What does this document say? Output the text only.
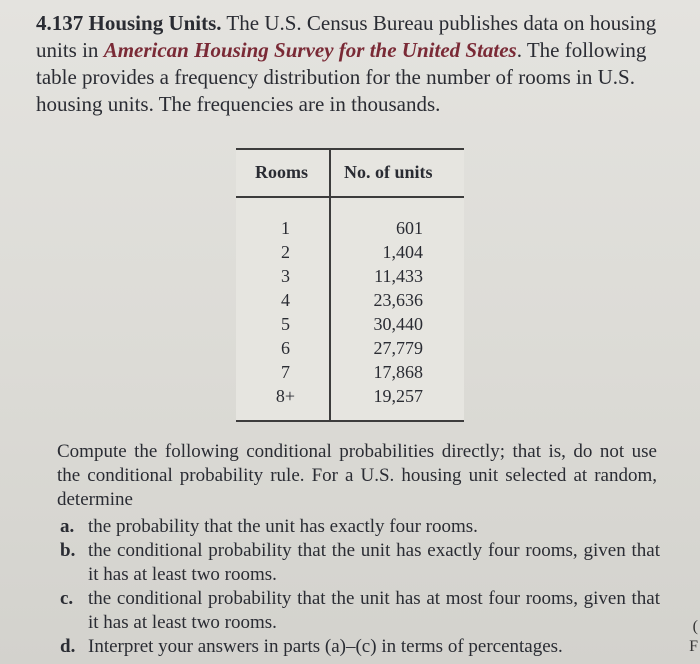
4.137 Housing Units. The U.S. Census Bureau publishes data on housing units in American Housing Survey for the United States. The following table provides a frequency distribution for the number of rooms in U.S. housing units. The frequencies are in thousands.
Rooms No. of units
1
2
3
4
5
6
7
8+
601
1,404
11,433
23,636
30,440
27,779
17,868
19,257
Compute the following conditional probabilities directly; that is, do not use the conditional probability rule. For a U.S. housing unit selected at random, determine
a. the probability that the unit has exactly four rooms.
b. the conditional probability that the unit has exactly four rooms, given that it has at least two rooms.
c. the conditional probability that the unit has at most four rooms, given that it has at least two rooms.
d. Interpret your answers in parts (a)–(c) in terms of percentages.
(
F
